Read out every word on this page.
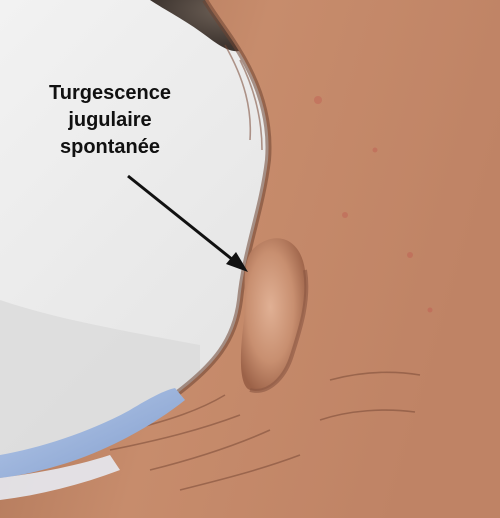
Turgescence
jugulaire
spontanée
